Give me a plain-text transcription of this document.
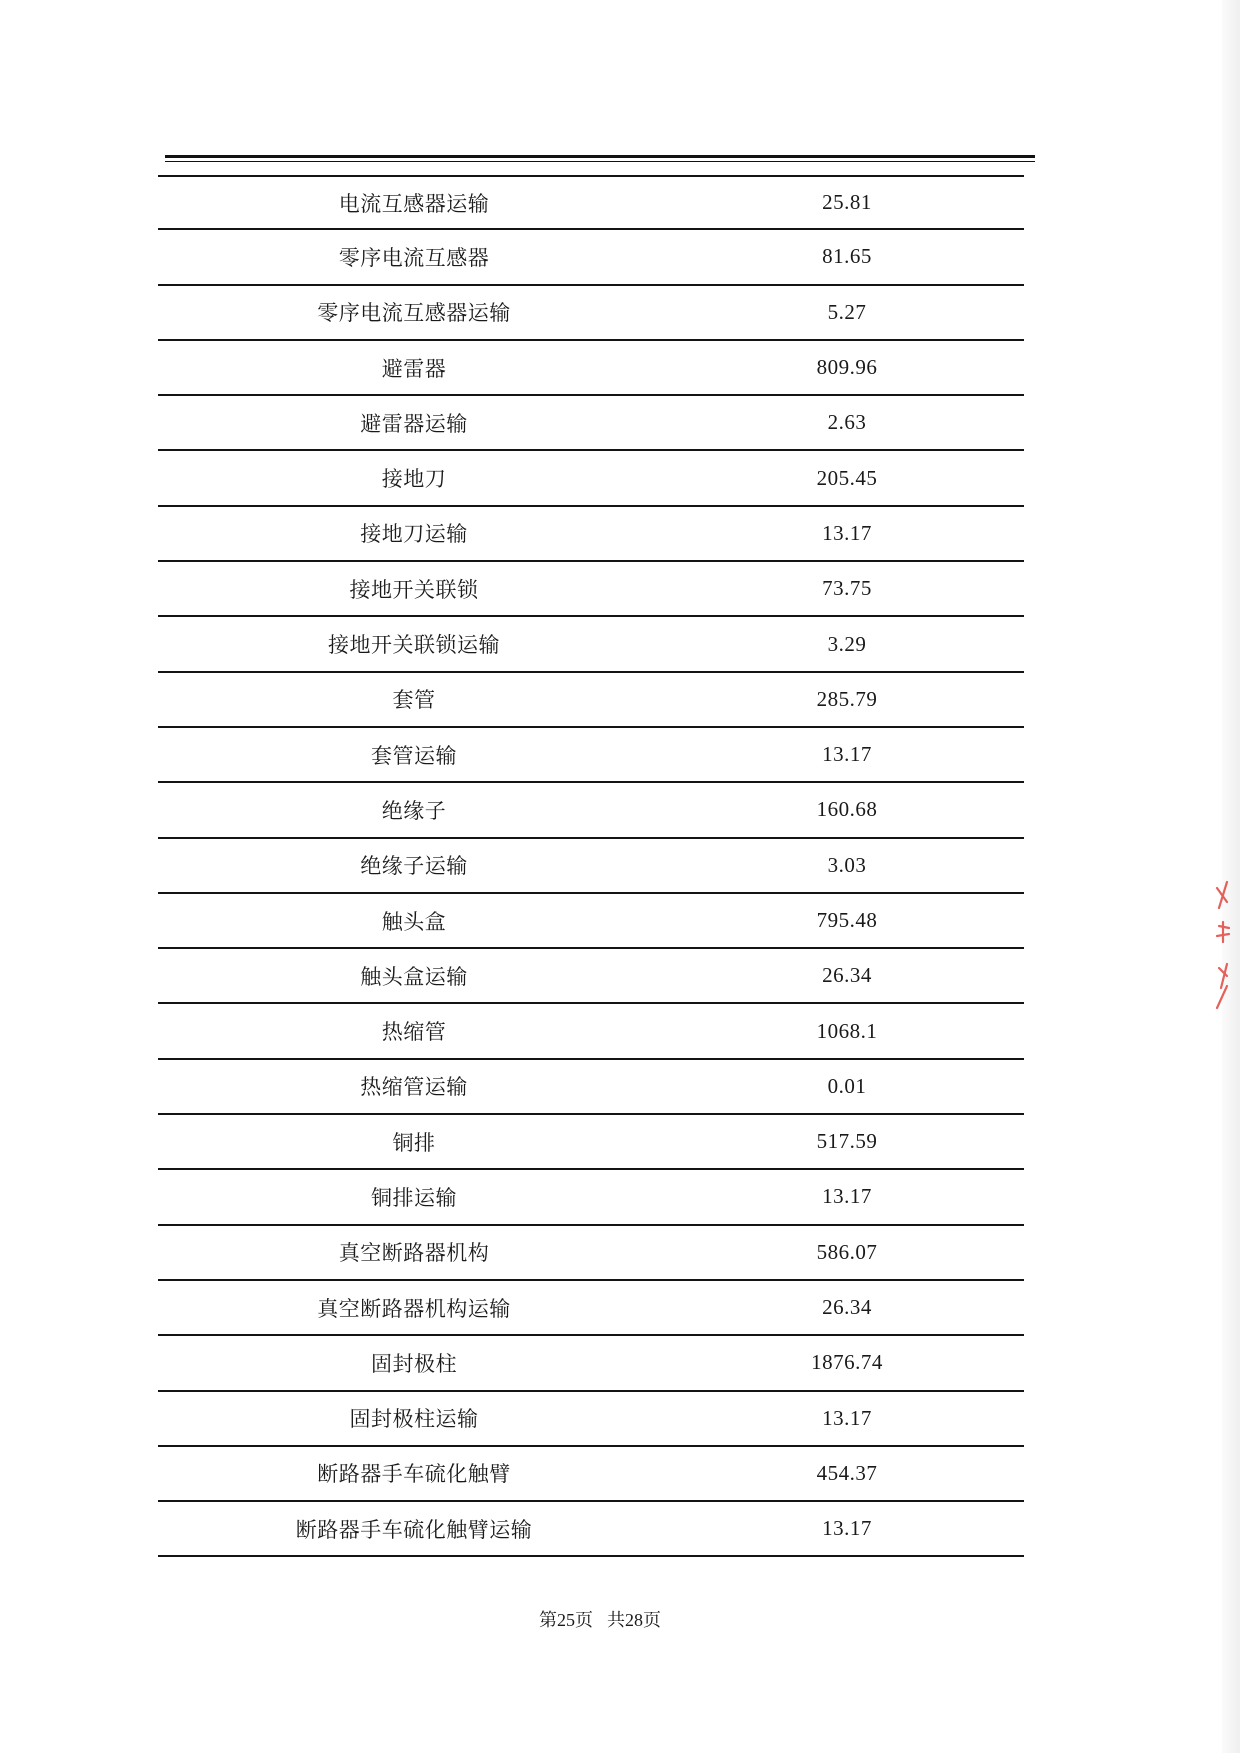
电流互感器运输	25.81
零序电流互感器	81.65
零序电流互感器运输	5.27
避雷器	809.96
避雷器运输	2.63
接地刀	205.45
接地刀运输	13.17
接地开关联锁	73.75
接地开关联锁运输	3.29
套管	285.79
套管运输	13.17
绝缘子	160.68
绝缘子运输	3.03
触头盒	795.48
触头盒运输	26.34
热缩管	1068.1
热缩管运输	0.01
铜排	517.59
铜排运输	13.17
真空断路器机构	586.07
真空断路器机构运输	26.34
固封极柱	1876.74
固封极柱运输	13.17
断路器手车硫化触臂	454.37
断路器手车硫化触臂运输	13.17
第25页 共28页
